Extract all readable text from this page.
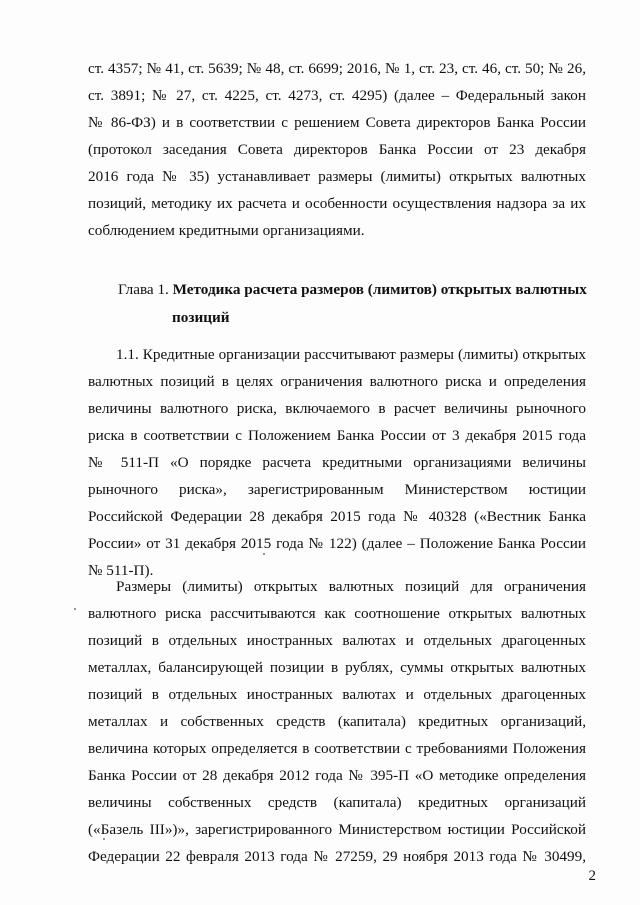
ст. 4357; № 41, ст. 5639; № 48, ст. 6699; 2016, № 1, ст. 23, ст. 46, ст. 50; № 26,
ст. 3891; № 27, ст. 4225, ст. 4273, ст. 4295) (далее – Федеральный закон
№ 86-ФЗ) и в соответствии с решением Совета директоров Банка России
(протокол заседания Совета директоров Банка России от 23 декабря
2016 года № 35) устанавливает размеры (лимиты) открытых валютных
позиций, методику их расчета и особенности осуществления надзора за их
соблюдением кредитными организациями.
Глава 1. Методика расчета размеров (лимитов) открытых валютных
позиций
1.1. Кредитные организации рассчитывают размеры (лимиты) открытых
валютных позиций в целях ограничения валютного риска и определения
величины валютного риска, включаемого в расчет величины рыночного
риска в соответствии с Положением Банка России от 3 декабря 2015 года
№ 511-П «О порядке расчета кредитными организациями величины
рыночного риска», зарегистрированным Министерством юстиции
Российской Федерации 28 декабря 2015 года № 40328 («Вестник Банка
России» от 31 декабря 2015 года № 122) (далее – Положение Банка России
№ 511-П).
Размеры (лимиты) открытых валютных позиций для ограничения
валютного риска рассчитываются как соотношение открытых валютных
позиций в отдельных иностранных валютах и отдельных драгоценных
металлах, балансирующей позиции в рублях, суммы открытых валютных
позиций в отдельных иностранных валютах и отдельных драгоценных
металлах и собственных средств (капитала) кредитных организаций,
величина которых определяется в соответствии с требованиями Положения
Банка России от 28 декабря 2012 года № 395-П «О методике определения
величины собственных средств (капитала) кредитных организаций
(«Базель III»)», зарегистрированного Министерством юстиции Российской
Федерации 22 февраля 2013 года № 27259, 29 ноября 2013 года № 30499,
2
